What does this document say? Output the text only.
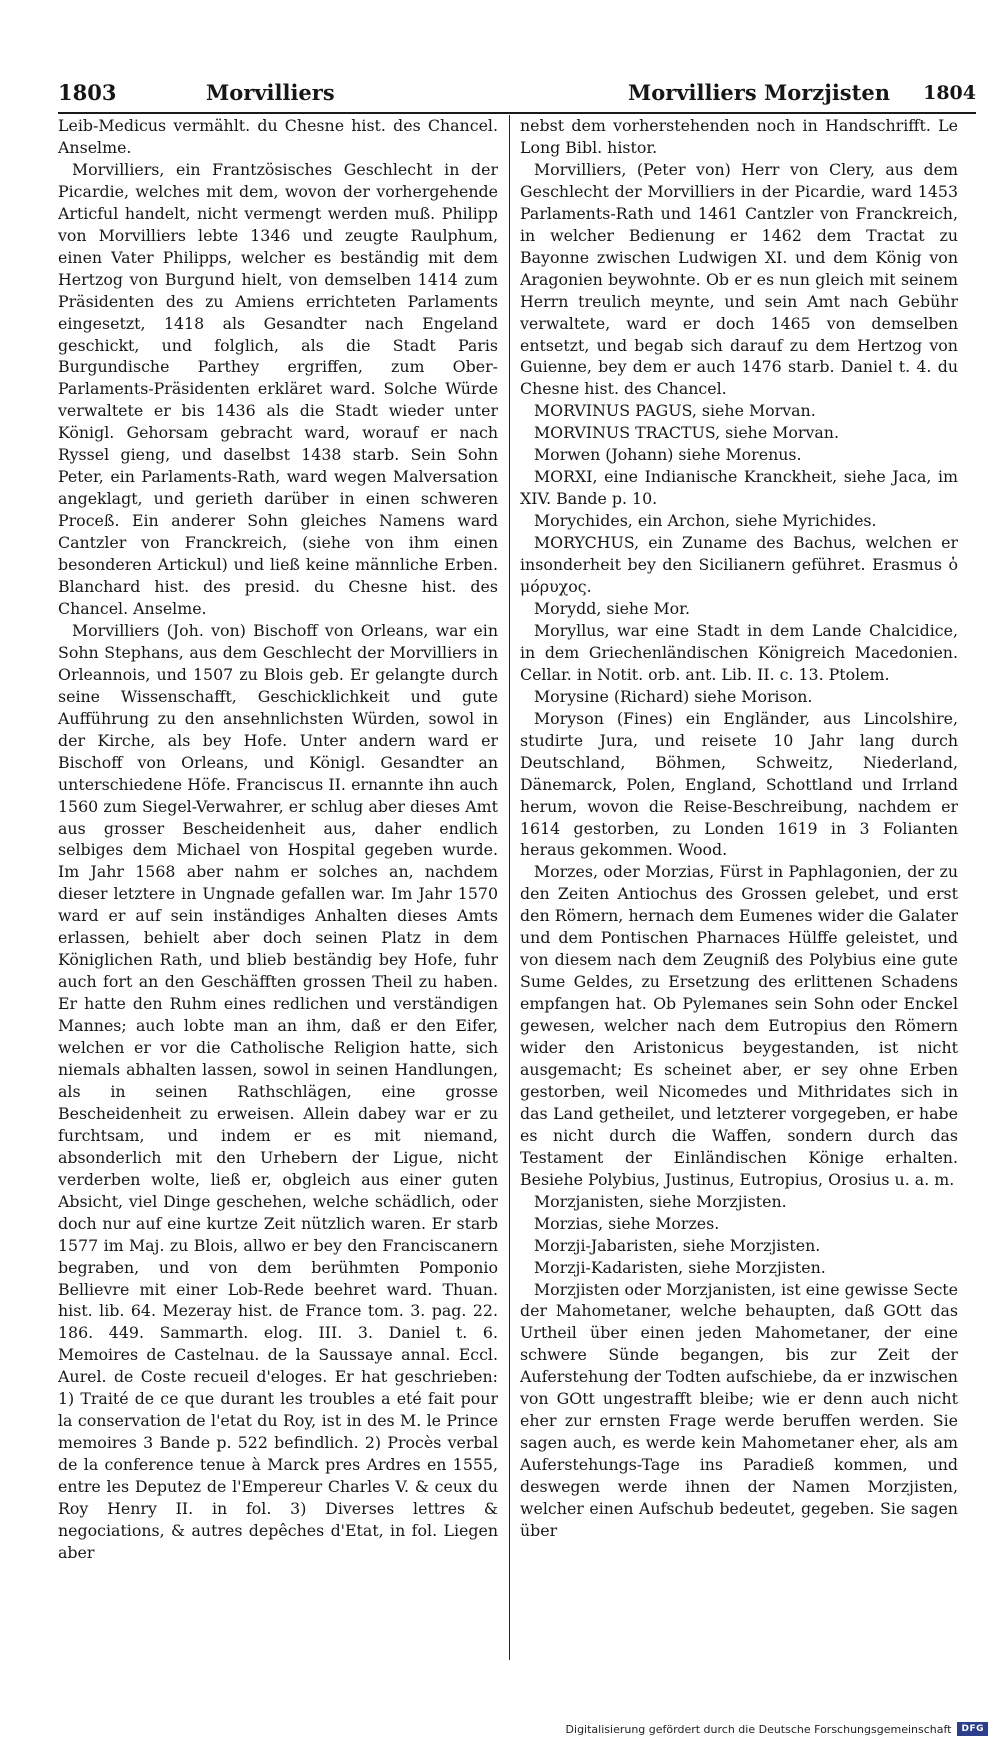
1803	Morvilliers	Morvilliers Morzjisten 1804

Leib-Medicus vermählt. du Chesne hist. des Chancel. Anselme.

Morvilliers, ein Frantzösisches Geschlecht in der Picardie, welches mit dem, wovon der vorhergehende Articful handelt, nicht vermengt werden muß. Philipp von Morvilliers lebte 1346 und zeugte Raulphum, einen Vater Philipps, welcher es beständig mit dem Hertzog von Burgund hielt, von demselben 1414 zum Präsidenten des zu Amiens errichteten Parlaments eingesetzt, 1418 als Gesandter nach Engeland geschickt, und folglich, als die Stadt Paris Burgundische Parthey ergriffen, zum Ober-Parlaments-Präsidenten erkläret ward. Solche Würde verwaltete er bis 1436 als die Stadt wieder unter Königl. Gehorsam gebracht ward, worauf er nach Ryssel gieng, und daselbst 1438 starb. Sein Sohn Peter, ein Parlaments-Rath, ward wegen Malversation angeklagt, und gerieth darüber in einen schweren Proceß. Ein anderer Sohn gleiches Namens ward Cantzler von Franckreich, (siehe von ihm einen besonderen Artickul) und ließ keine männliche Erben. Blanchard hist. des presid. du Chesne hist. des Chancel. Anselme.

Morvilliers (Joh. von) Bischoff von Orleans, war ein Sohn Stephans, aus dem Geschlecht der Morvilliers in Orleannois, und 1507 zu Blois geb. Er gelangte durch seine Wissenschafft, Geschicklichkeit und gute Aufführung zu den ansehnlichsten Würden, sowol in der Kirche, als bey Hofe. Unter andern ward er Bischoff von Orleans, und Königl. Gesandter an unterschiedene Höfe. Franciscus II. ernannte ihn auch 1560 zum Siegel-Verwahrer, er schlug aber dieses Amt aus grosser Bescheidenheit aus, daher endlich selbiges dem Michael von Hospital gegeben wurde. Im Jahr 1568 aber nahm er solches an, nachdem dieser letztere in Ungnade gefallen war. Im Jahr 1570 ward er auf sein inständiges Anhalten dieses Amts erlassen, behielt aber doch seinen Platz in dem Königlichen Rath, und blieb beständig bey Hofe, fuhr auch fort an den Geschäfften grossen Theil zu haben. Er hatte den Ruhm eines redlichen und verständigen Mannes; auch lobte man an ihm, daß er den Eifer, welchen er vor die Catholische Religion hatte, sich niemals abhalten lassen, sowol in seinen Handlungen, als in seinen Rathschlägen, eine grosse Bescheidenheit zu erweisen. Allein dabey war er zu furchtsam, und indem er es mit niemand, absonderlich mit den Urhebern der Ligue, nicht verderben wolte, ließ er, obgleich aus einer guten Absicht, viel Dinge geschehen, welche schädlich, oder doch nur auf eine kurtze Zeit nützlich waren. Er starb 1577 im Maj. zu Blois, allwo er bey den Franciscanern begraben, und von dem berühmten Pomponio Bellievre mit einer Lob-Rede beehret ward. Thuan. hist. lib. 64. Mezeray hist. de France tom. 3. pag. 22. 186. 449. Sammarth. elog. III. 3. Daniel t. 6. Memoires de Castelnau. de la Saussaye annal. Eccl. Aurel. de Coste recueil d'eloges. Er hat geschrieben: 1) Traité de ce que durant les troubles a eté fait pour la conservation de l'etat du Roy, ist in des M. le Prince memoires 3 Bande p. 522 befindlich. 2) Procès verbal de la conference tenue à Marck pres Ardres en 1555, entre les Deputez de l'Empereur Charles V. & ceux du Roy Henry II. in fol. 3) Diverses lettres & negociations, & autres depêches d'Etat, in fol. Liegen aber

nebst dem vorherstehenden noch in Handschrifft. Le Long Bibl. histor.

Morvilliers, (Peter von) Herr von Clery, aus dem Geschlecht der Morvilliers in der Picardie, ward 1453 Parlaments-Rath und 1461 Cantzler von Franckreich, in welcher Bedienung er 1462 dem Tractat zu Bayonne zwischen Ludwigen XI. und dem König von Aragonien beywohnte. Ob er es nun gleich mit seinem Herrn treulich meynte, und sein Amt nach Gebühr verwaltete, ward er doch 1465 von demselben entsetzt, und begab sich darauf zu dem Hertzog von Guienne, bey dem er auch 1476 starb. Daniel t. 4. du Chesne hist. des Chancel.

MORVINUS PAGUS, siehe Morvan.

MORVINUS TRACTUS, siehe Morvan.

Morwen (Johann) siehe Morenus.

MORXI, eine Indianische Kranckheit, siehe Jaca, im XIV. Bande p. 10.

Morychides, ein Archon, siehe Myrichides.

MORYCHUS, ein Zuname des Bachus, welchen er insonderheit bey den Sicilianern geführet. Erasmus ὁ μόρυχος.

Morydd, siehe Mor.

Moryllus, war eine Stadt in dem Lande Chalcidice, in dem Griechenländischen Königreich Macedonien. Cellar. in Notit. orb. ant. Lib. II. c. 13. Ptolem.

Morysine (Richard) siehe Morison.

Moryson (Fines) ein Engländer, aus Lincolshire, studirte Jura, und reisete 10 Jahr lang durch Deutschland, Böhmen, Schweitz, Niederland, Dänemarck, Polen, England, Schottland und Irrland herum, wovon die Reise-Beschreibung, nachdem er 1614 gestorben, zu Londen 1619 in 3 Folianten heraus gekommen. Wood.

Morzes, oder Morzias, Fürst in Paphlagonien, der zu den Zeiten Antiochus des Grossen gelebet, und erst den Römern, hernach dem Eumenes wider die Galater und dem Pontischen Pharnaces Hülffe geleistet, und von diesem nach dem Zeugniß des Polybius eine gute Sume Geldes, zu Ersetzung des erlittenen Schadens empfangen hat. Ob Pylemanes sein Sohn oder Enckel gewesen, welcher nach dem Eutropius den Römern wider den Aristonicus beygestanden, ist nicht ausgemacht; Es scheinet aber, er sey ohne Erben gestorben, weil Nicomedes und Mithridates sich in das Land getheilet, und letzterer vorgegeben, er habe es nicht durch die Waffen, sondern durch das Testament der Einländischen Könige erhalten. Besiehe Polybius, Justinus, Eutropius, Orosius u. a. m.

Morzjanisten, siehe Morzjisten.

Morzias, siehe Morzes.

Morzji-Jabaristen, siehe Morzjisten.

Morzji-Kadaristen, siehe Morzjisten.

Morzjisten oder Morzjanisten, ist eine gewisse Secte der Mahometaner, welche behaupten, daß GOtt das Urtheil über einen jeden Mahometaner, der eine schwere Sünde begangen, bis zur Zeit der Auferstehung der Todten aufschiebe, da er inzwischen von GOtt ungestrafft bleibe; wie er denn auch nicht eher zur ernsten Frage werde beruffen werden. Sie sagen auch, es werde kein Mahometaner eher, als am Auferstehungs-Tage ins Paradieß kommen, und deswegen werde ihnen der Namen Morzjisten, welcher einen Aufschub bedeutet, gegeben. Sie sagen über

Digitalisierung gefördert durch die Deutsche Forschungsgemeinschaft	DFG
